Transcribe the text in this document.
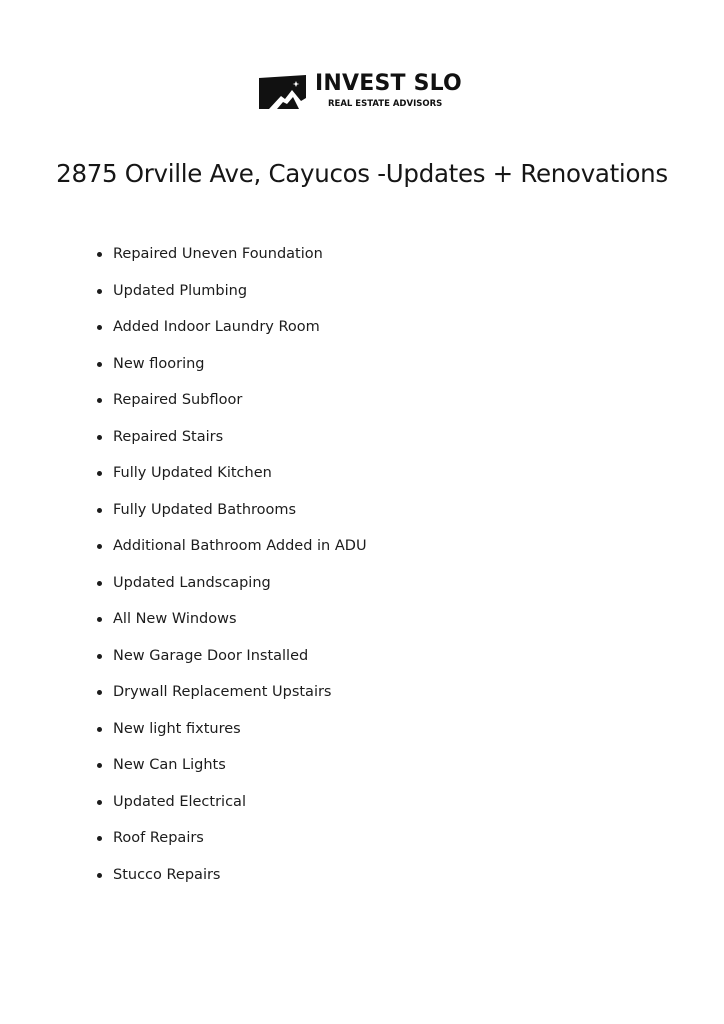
INVEST SLO
REAL ESTATE ADVISORS
2875 Orville Ave, Cayucos -Updates + Renovations
Repaired Uneven Foundation
Updated Plumbing
Added Indoor Laundry Room
New flooring
Repaired Subfloor
Repaired Stairs
Fully Updated Kitchen
Fully Updated Bathrooms
Additional Bathroom Added in ADU
Updated Landscaping
All New Windows
New Garage Door Installed
Drywall Replacement Upstairs
New light fixtures
New Can Lights
Updated Electrical
Roof Repairs
Stucco Repairs
